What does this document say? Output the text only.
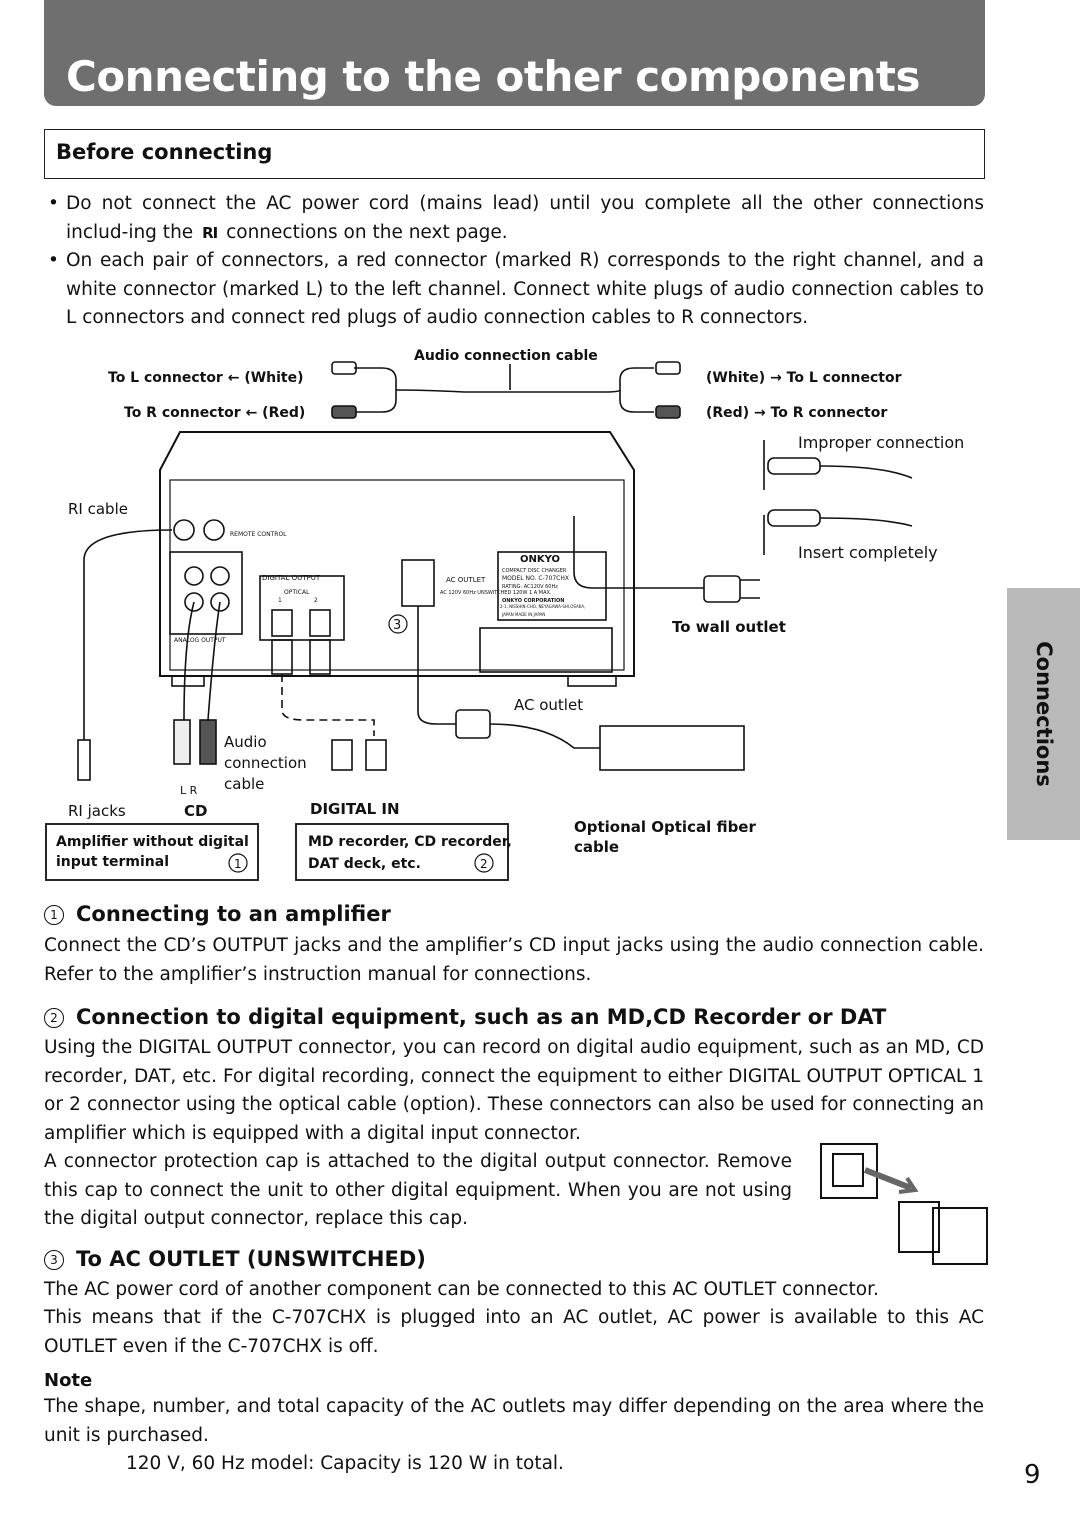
Connecting to the other components
Before connecting
• Do not connect the AC power cord (mains lead) until you complete all the other connections includ-ing the RI connections on the next page.
• On each pair of connectors, a red connector (marked R) corresponds to the right channel, and a white connector (marked L) to the left channel. Connect white plugs of audio connection cables to L connectors and connect red plugs of audio connection cables to R connectors.
Audio connection cable
To L connector ← (White)
To R connector ← (Red)
(White) → To L connector
(Red) → To R connector
Improper connection
Insert completely
RI cable
REMOTE CONTROL
DIGITAL OUTPUT
OPTICAL
1	2
ANALOG OUTPUT
AC OUTLET
AC 120V 60Hz UNSWITCHED 120W 1 A MAX.
ONKYO
COMPACT DISC CHANGER
MODEL NO. C-707CHX
RATING: AC120V 60Hz
ONKYO CORPORATION
2-1, NISSHIN-CHO, NEYAGAWA-SHI,OSAKA,
JAPAN MADE IN JAPAN
3	To wall outlet
AC outlet
Audio
connection
cable
L R
RI jacks	CD	DIGITAL IN
Amplifier without digital
input terminal	1
MD recorder, CD recorder,
DAT deck, etc.	2
Optional Optical fiber
cable
Connections
1 Connecting to an amplifier
Connect the CD’s OUTPUT jacks and the amplifier’s CD input jacks using the audio connection cable. Refer to the amplifier’s instruction manual for connections.
2 Connection to digital equipment, such as an MD,CD Recorder or DAT
Using the DIGITAL OUTPUT connector, you can record on digital audio equipment, such as an MD, CD recorder, DAT, etc. For digital recording, connect the equipment to either DIGITAL OUTPUT OPTICAL 1 or 2 connector using the optical cable (option). These connectors can also be used for connecting an amplifier which is equipped with a digital input connector.
A connector protection cap is attached to the digital output connector. Remove this cap to connect the unit to other digital equipment. When you are not using the digital output connector, replace this cap.
3 To AC OUTLET (UNSWITCHED)
The AC power cord of another component can be connected to this AC OUTLET connector.
This means that if the C-707CHX is plugged into an AC outlet, AC power is available to this AC OUTLET even if the C-707CHX is off.
Note
The shape, number, and total capacity of the AC outlets may differ depending on the area where the unit is purchased.
120 V, 60 Hz model: Capacity is 120 W in total.	9
